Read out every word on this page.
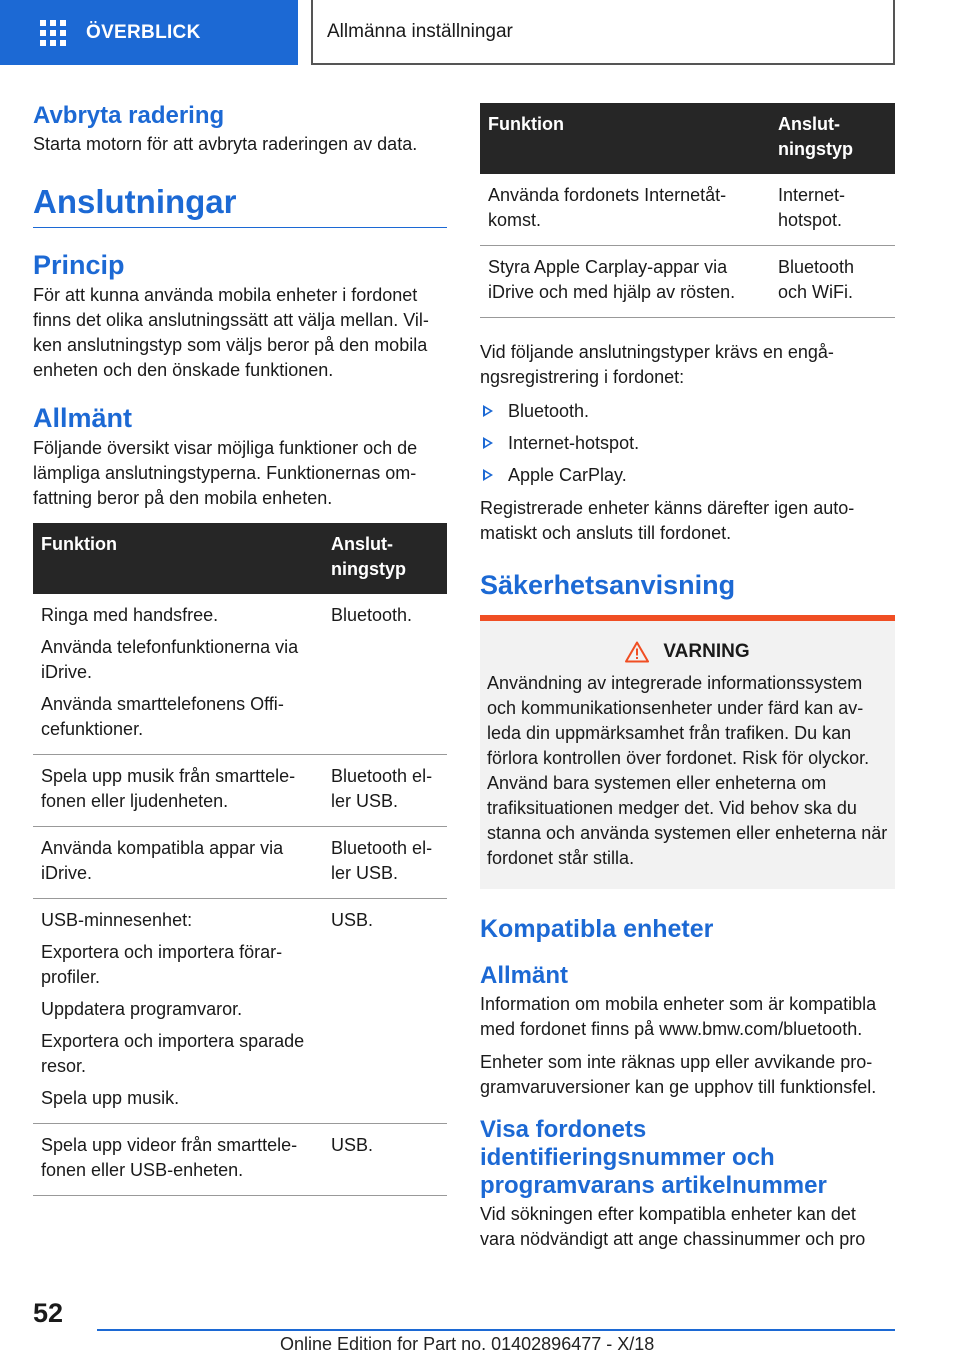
ÖVERBLICK	Allmänna inställningar
Avbryta radering
Starta motorn för att avbryta raderingen av data.
Anslutningar
Princip
För att kunna använda mobila enheter i fordonet finns det olika anslutningssätt att välja mellan. Vilken anslutningstyp som väljs beror på den mobila enheten och den önskade funktionen.
Allmänt
Följande översikt visar möjliga funktioner och de lämpliga anslutningstyperna. Funktionernas omfattning beror på den mobila enheten.
Funktion	Anslutningstyp

Ringa med handsfree.
Använda telefonfunktionerna via iDrive.
Använda smarttelefonens Officefunktioner.	Bluetooth.

Spela upp musik från smarttelefonen eller ljudenheten.	Bluetooth eller USB.

Använda kompatibla appar via iDrive.	Bluetooth eller USB.

USB-minnesenhet:
Exportera och importera förarprofiler.
Uppdatera programvaror.
Exportera och importera sparade resor.
Spela upp musik.	USB.

Spela upp videor från smarttelefonen eller USB-enheten.	USB.
Funktion	Anslutningstyp
Använda fordonets Internetåtkomst.	Internet-hotspot.
Styra Apple Carplay-appar via iDrive och med hjälp av rösten.	Bluetooth och WiFi.
Vid följande anslutningstyper krävs en engångsregistrering i fordonet:
Bluetooth.
Internet-hotspot.
Apple CarPlay.
Registrerade enheter känns därefter igen automatiskt och ansluts till fordonet.
Säkerhetsanvisning
VARNING
Användning av integrerade informationssystem och kommunikationsenheter under färd kan avleda din uppmärksamhet från trafiken. Du kan förlora kontrollen över fordonet. Risk för olyckor. Använd bara systemen eller enheterna om trafiksituationen medger det. Vid behov ska du stanna och använda systemen eller enheterna när fordonet står stilla.
Kompatibla enheter
Allmänt
Information om mobila enheter som är kompatibla med fordonet finns på www.bmw.com/bluetooth.
Enheter som inte räknas upp eller avvikande programvaruversioner kan ge upphov till funktionsfel.
Visa fordonets identifieringsnummer och programvarans artikelnummer
Vid sökningen efter kompatibla enheter kan det vara nödvändigt att ange chassinummer och pro
52
Online Edition for Part no. 01402896477 - X/18
